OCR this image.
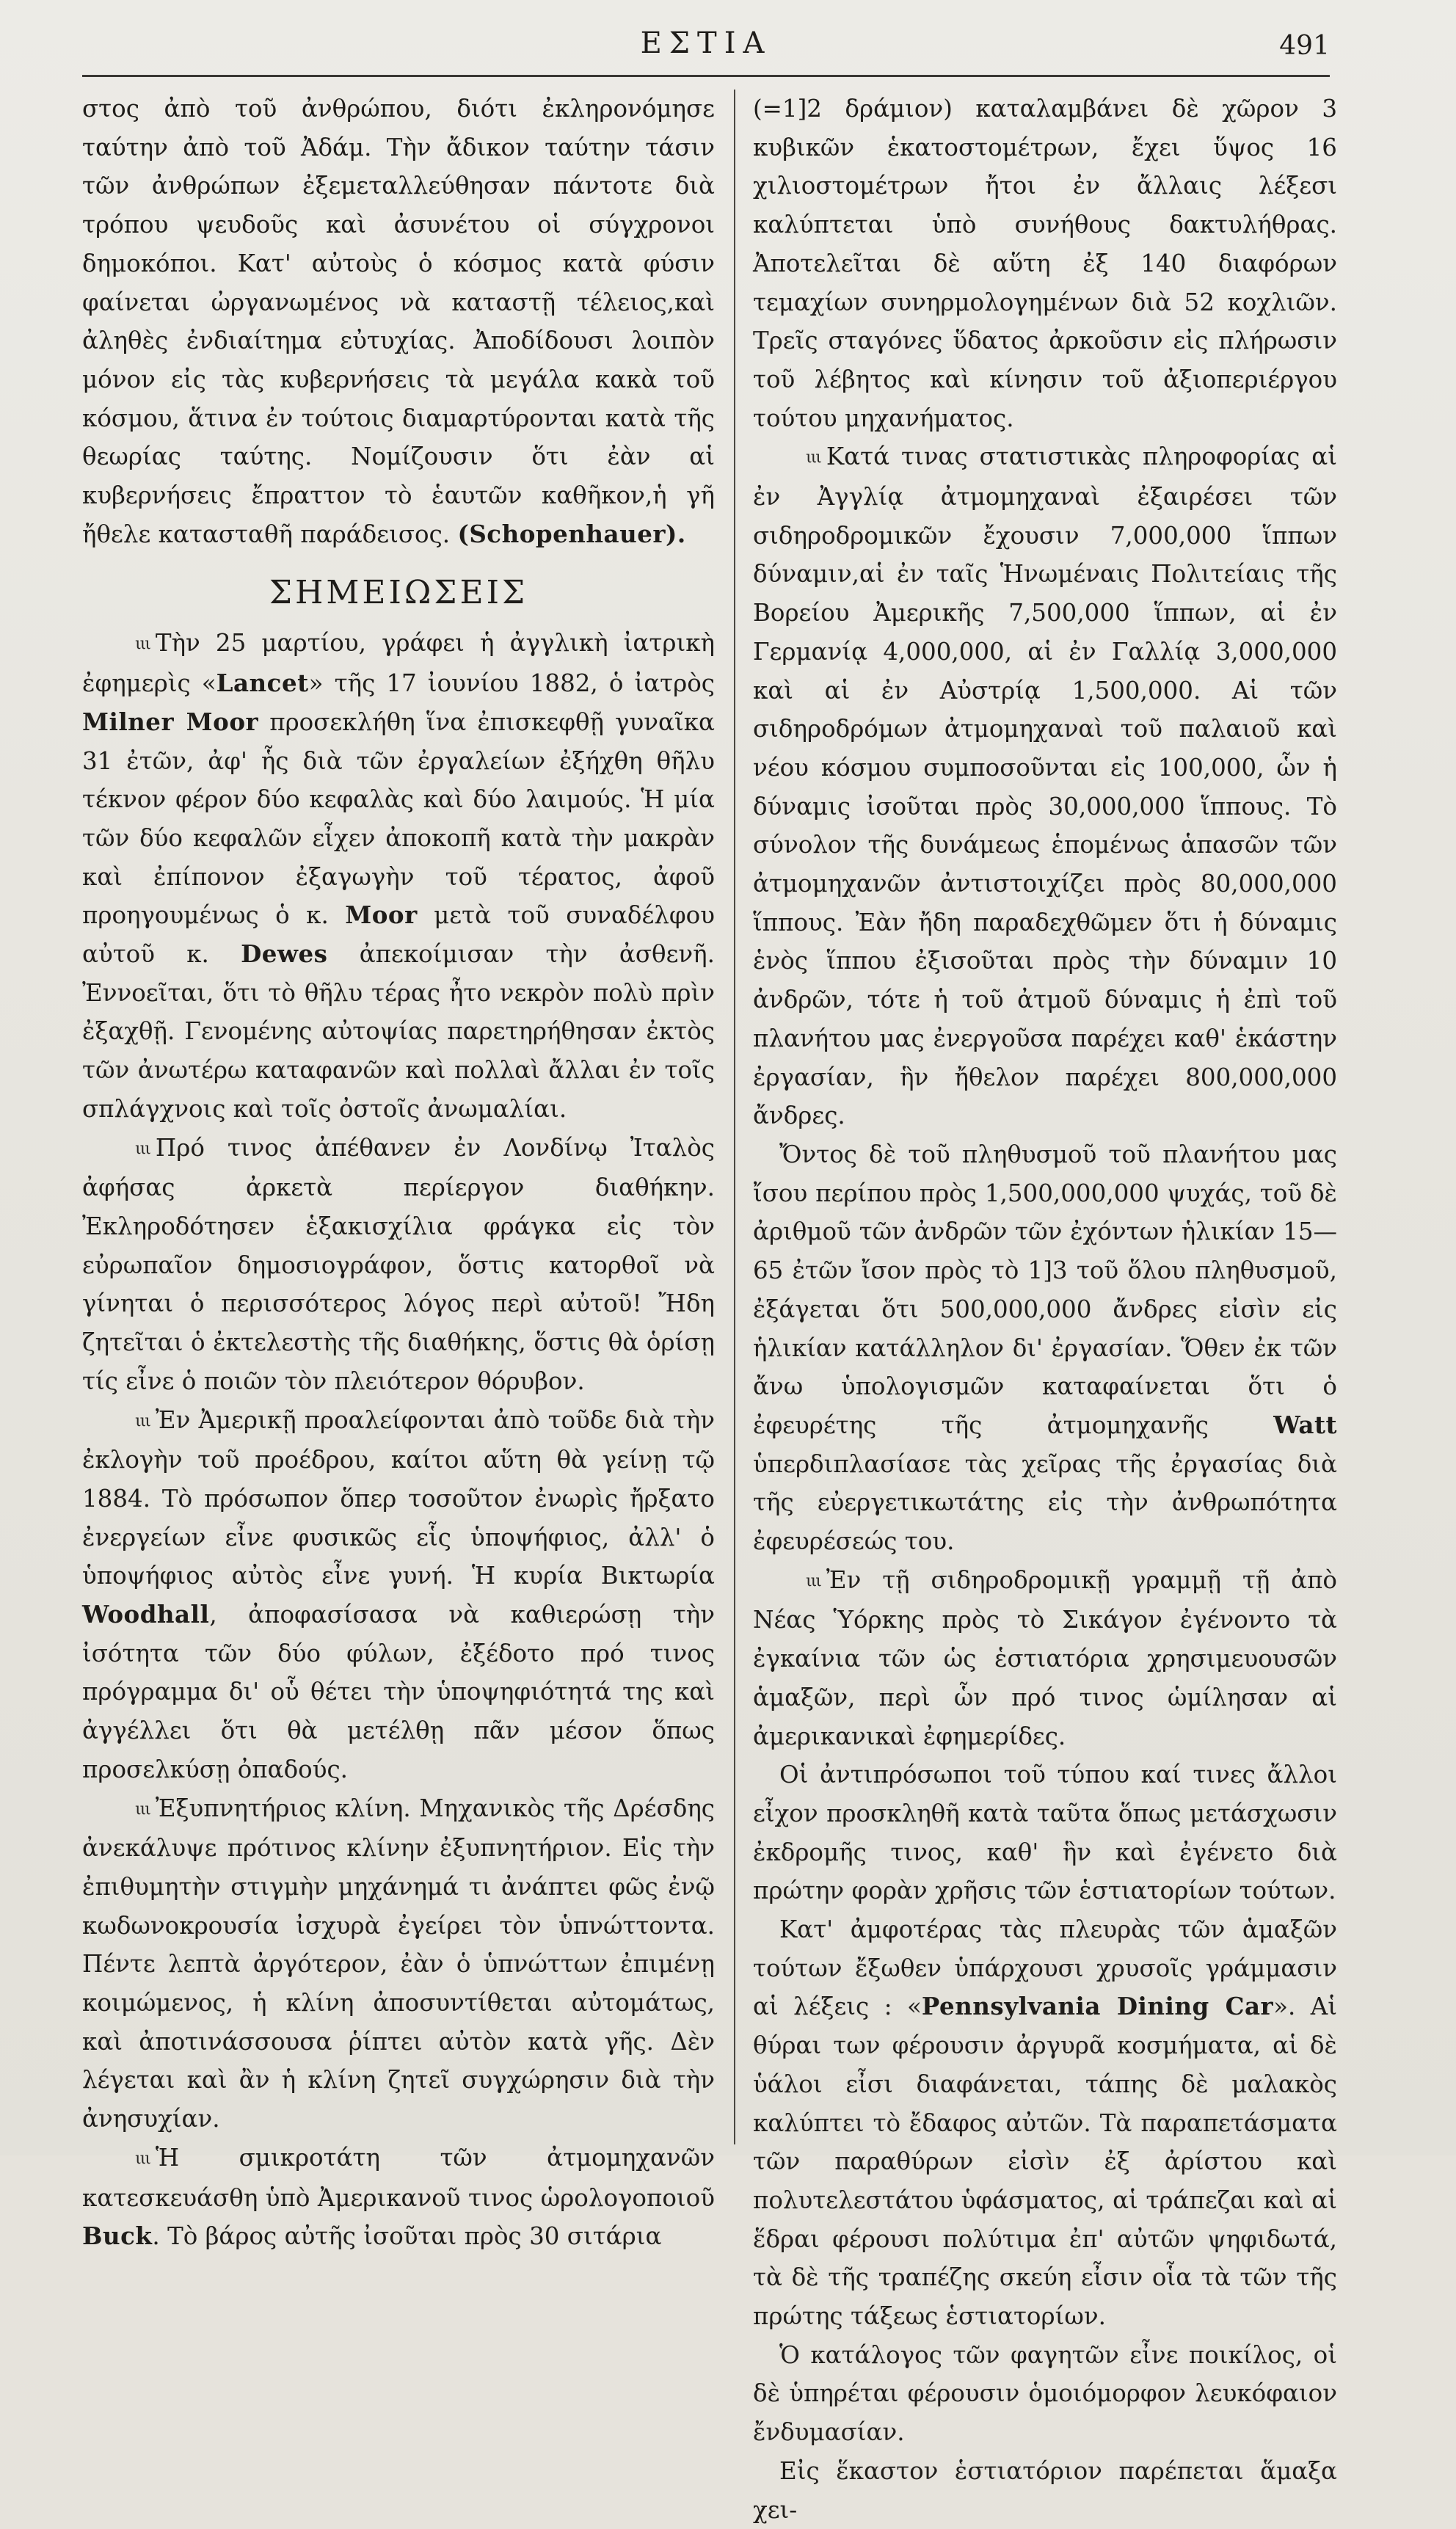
ΕΣΤΙΑ	491

στος ἀπὸ τοῦ ἀνθρώπου, διότι ἐκληρονόμησε ταύτην ἀπὸ τοῦ Ἀδάμ. Τὴν ἄδικον ταύτην τάσιν τῶν ἀνθρώπων ἐξεμεταλλεύθησαν πάντοτε διὰ τρόπου ψευδοῦς καὶ ἀσυνέτου οἱ σύγχρονοι δημοκόποι. Κατ' αὐτοὺς ὁ κόσμος κατὰ φύσιν φαίνεται ὠργανωμένος νὰ καταστῇ τέλειος,καὶ ἀληθὲς ἐνδιαίτημα εὐτυχίας. Ἀποδίδουσι λοιπὸν μόνον εἰς τὰς κυβερνήσεις τὰ μεγάλα κακὰ τοῦ κόσμου, ἅτινα ἐν τούτοις διαμαρτύρονται κατὰ τῆς θεωρίας ταύτης. Νομίζουσιν ὅτι ἐὰν αἱ κυβερνήσεις ἔπραττον τὸ ἑαυτῶν καθῆκον,ἡ γῆ ἤθελε κατασταθῆ παράδεισος. (Schopenhauer).

ΣΗΜΕΙΩΣΕΙΣ

ιιι Τὴν 25 μαρτίου, γράφει ἡ ἀγγλικὴ ἰατρικὴ ἐφημερὶς «Lancet» τῆς 17 ἰουνίου 1882, ὁ ἰατρὸς Milner Moor προσεκλήθη ἵνα ἐπισκεφθῇ γυναῖκα 31 ἐτῶν, ἀφ' ἧς διὰ τῶν ἐργαλείων ἐξήχθη θῆλυ τέκνον φέρον δύο κεφαλὰς καὶ δύο λαιμούς. Ἡ μία τῶν δύο κεφαλῶν εἶχεν ἀποκοπῆ κατὰ τὴν μακρὰν καὶ ἐπίπονον ἐξαγωγὴν τοῦ τέρατος, ἀφοῦ προηγουμένως ὁ κ. Moor μετὰ τοῦ συναδέλφου αὐτοῦ κ. Dewes ἀπεκοίμισαν τὴν ἀσθενῆ. Ἐννοεῖται, ὅτι τὸ θῆλυ τέρας ἦτο νεκρὸν πολὺ πρὶν ἐξαχθῇ. Γενομένης αὐτοψίας παρετηρήθησαν ἐκτὸς τῶν ἀνωτέρω καταφανῶν καὶ πολλαὶ ἄλλαι ἐν τοῖς σπλάγχνοις καὶ τοῖς ὀστοῖς ἀνωμαλίαι.

ιιι Πρό τινος ἀπέθανεν ἐν Λονδίνῳ Ἰταλὸς ἀφήσας ἀρκετὰ περίεργον διαθήκην. Ἐκληροδότησεν ἑξακισχίλια φράγκα εἰς τὸν εὐρωπαῖον δημοσιογράφον, ὅστις κατορθοῖ νὰ γίνηται ὁ περισσότερος λόγος περὶ αὐτοῦ! Ἤδη ζητεῖται ὁ ἐκτελεστὴς τῆς διαθήκης, ὅστις θὰ ὁρίσῃ τίς εἶνε ὁ ποιῶν τὸν πλειότερον θόρυβον.

ιιι Ἐν Ἀμερικῇ προαλείφονται ἀπὸ τοῦδε διὰ τὴν ἐκλογὴν τοῦ προέδρου, καίτοι αὕτη θὰ γείνῃ τῷ 1884. Τὸ πρόσωπον ὅπερ τοσοῦτον ἐνωρὶς ἤρξατο ἐνεργείων εἶνε φυσικῶς εἷς ὑποψήφιος, ἀλλ' ὁ ὑποψήφιος αὐτὸς εἶνε γυνή. Ἡ κυρία Βικτωρία Woodhall, ἀποφασίσασα νὰ καθιερώσῃ τὴν ἰσότητα τῶν δύο φύλων, ἐξέδοτο πρό τινος πρόγραμμα δι' οὗ θέτει τὴν ὑποψηφιότητά της καὶ ἀγγέλλει ὅτι θὰ μετέλθῃ πᾶν μέσον ὅπως προσελκύσῃ ὀπαδούς.

ιιι Ἐξυπνητήριος κλίνη. Μηχανικὸς τῆς Δρέσδης ἀνεκάλυψε πρότινος κλίνην ἐξυπνητήριον. Εἰς τὴν ἐπιθυμητὴν στιγμὴν μηχάνημά τι ἀνάπτει φῶς ἐνῷ κωδωνοκρουσία ἰσχυρὰ ἐγείρει τὸν ὑπνώττοντα. Πέντε λεπτὰ ἀργότερον, ἐὰν ὁ ὑπνώττων ἐπιμένῃ κοιμώμενος, ἡ κλίνη ἀποσυντίθεται αὐτομάτως, καὶ ἀποτινάσσουσα ῥίπτει αὐτὸν κατὰ γῆς. Δὲν λέγεται καὶ ἂν ἡ κλίνη ζητεῖ συγχώρησιν διὰ τὴν ἀνησυχίαν.

ιιι Ἡ σμικροτάτη τῶν ἀτμομηχανῶν κατεσκευάσθη ὑπὸ Ἀμερικανοῦ τινος ὡρολογοποιοῦ Buck. Τὸ βάρος αὐτῆς ἰσοῦται πρὸς 30 σιτάρια

(=1]2 δράμιον) καταλαμβάνει δὲ χῶρον 3 κυβικῶν ἑκατοστομέτρων, ἔχει ὕψος 16 χιλιοστομέτρων ἤτοι ἐν ἄλλαις λέξεσι καλύπτεται ὑπὸ συνήθους δακτυλήθρας. Ἀποτελεῖται δὲ αὕτη ἐξ 140 διαφόρων τεμαχίων συνηρμολογημένων διὰ 52 κοχλιῶν. Τρεῖς σταγόνες ὕδατος ἀρκοῦσιν εἰς πλήρωσιν τοῦ λέβητος καὶ κίνησιν τοῦ ἀξιοπεριέργου τούτου μηχανήματος.

ιιι Κατά τινας στατιστικὰς πληροφορίας αἱ ἐν Ἀγγλίᾳ ἀτμομηχαναὶ ἐξαιρέσει τῶν σιδηροδρομικῶν ἔχουσιν 7,000,000 ἵππων δύναμιν,αἱ ἐν ταῖς Ἡνωμέναις Πολιτείαις τῆς Βορείου Ἀμερικῆς 7,500,000 ἵππων, αἱ ἐν Γερμανίᾳ 4,000,000, αἱ ἐν Γαλλίᾳ 3,000,000 καὶ αἱ ἐν Αὐστρίᾳ 1,500,000. Αἱ τῶν σιδηροδρόμων ἀτμομηχαναὶ τοῦ παλαιοῦ καὶ νέου κόσμου συμποσοῦνται εἰς 100,000, ὧν ἡ δύναμις ἰσοῦται πρὸς 30,000,000 ἵππους. Τὸ σύνολον τῆς δυνάμεως ἑπομένως ἁπασῶν τῶν ἀτμομηχανῶν ἀντιστοιχίζει πρὸς 80,000,000 ἵππους. Ἐὰν ἤδη παραδεχθῶμεν ὅτι ἡ δύναμις ἑνὸς ἵππου ἐξισοῦται πρὸς τὴν δύναμιν 10 ἀνδρῶν, τότε ἡ τοῦ ἀτμοῦ δύναμις ἡ ἐπὶ τοῦ πλανήτου μας ἐνεργοῦσα παρέχει καθ' ἑκάστην ἐργασίαν, ἣν ἤθελον παρέχει 800,000,000 ἄνδρες.

Ὄντος δὲ τοῦ πληθυσμοῦ τοῦ πλανήτου μας ἴσου περίπου πρὸς 1,500,000,000 ψυχάς, τοῦ δὲ ἀριθμοῦ τῶν ἀνδρῶν τῶν ἐχόντων ἡλικίαν 15—65 ἐτῶν ἴσον πρὸς τὸ 1]3 τοῦ ὅλου πληθυσμοῦ, ἐξάγεται ὅτι 500,000,000 ἄνδρες εἰσὶν εἰς ἡλικίαν κατάλληλον δι' ἐργασίαν. Ὅθεν ἐκ τῶν ἄνω ὑπολογισμῶν καταφαίνεται ὅτι ὁ ἐφευρέτης τῆς ἀτμομηχανῆς	Watt ὑπερδιπλασίασε τὰς χεῖρας τῆς ἐργασίας διὰ τῆς εὐεργετικωτάτης εἰς τὴν ἀνθρωπότητα ἐφευρέσεώς του.

ιιι Ἐν τῇ σιδηροδρομικῇ γραμμῇ τῇ ἀπὸ Νέας Ὑόρκης πρὸς τὸ Σικάγον ἐγένοντο τὰ ἐγκαίνια τῶν ὡς ἑστιατόρια χρησιμευουσῶν ἁμαξῶν, περὶ ὧν πρό τινος ὡμίλησαν αἱ ἀμερικανικαὶ ἐφημερίδες.

Οἱ ἀντιπρόσωποι τοῦ τύπου καί τινες ἄλλοι εἶχον προσκληθῆ κατὰ ταῦτα ὅπως μετάσχωσιν ἐκδρομῆς τινος, καθ' ἣν καὶ ἐγένετο διὰ πρώτην φορὰν χρῆσις τῶν ἑστιατορίων τούτων.

Κατ' ἀμφοτέρας τὰς πλευρὰς τῶν ἁμαξῶν τούτων ἔξωθεν ὑπάρχουσι χρυσοῖς γράμμασιν αἱ λέξεις : «Pennsylvania Dining Car». Αἱ θύραι των φέρουσιν ἀργυρᾶ κοσμήματα, αἱ δὲ ὑάλοι εἶσι διαφάνεται, τάπης δὲ μαλακὸς καλύπτει τὸ ἔδαφος αὐτῶν. Τὰ παραπετάσματα τῶν παραθύρων εἰσὶν ἐξ ἀρίστου καὶ πολυτελεστάτου ὑφάσματος, αἱ τράπεζαι καὶ αἱ ἕδραι φέρουσι πολύτιμα ἐπ' αὐτῶν ψηφιδωτά, τὰ δὲ τῆς τραπέζης σκεύη εἶσιν οἷα τὰ τῶν τῆς πρώτης τάξεως ἑστιατορίων.

Ὁ κατάλογος τῶν φαγητῶν εἶνε ποικίλος, οἱ δὲ ὑπηρέται φέρουσιν ὁμοιόμορφον λευκόφαιον ἔνδυμασίαν.

Εἰς ἕκαστον ἑστιατόριον παρέπεται ἅμαξα χει-
